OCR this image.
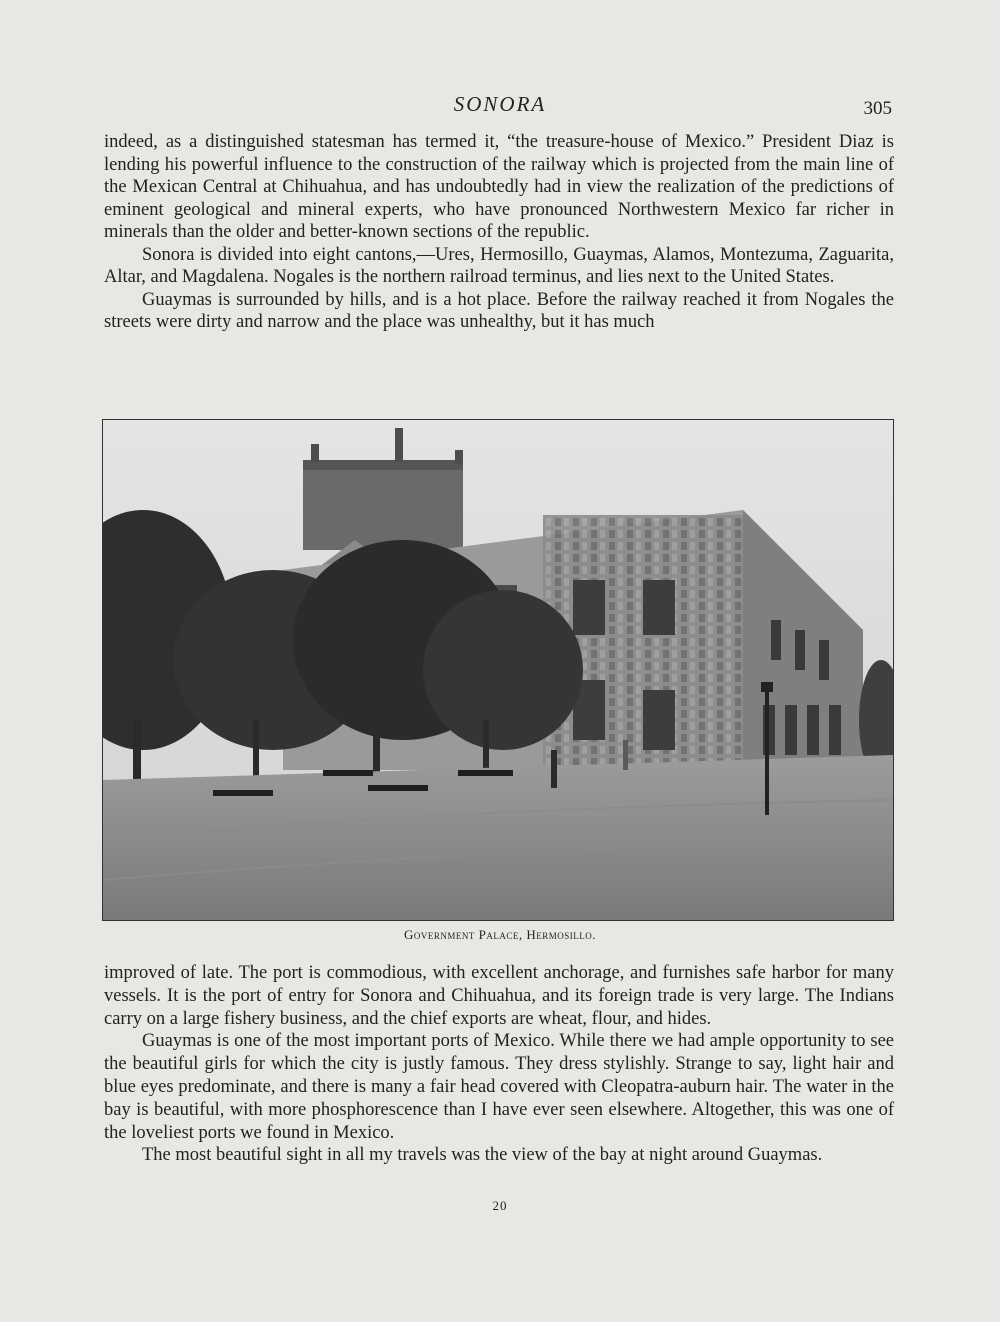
SONORA	305

indeed, as a distinguished statesman has termed it, “the treasure-house of Mexico.” President Diaz is lending his powerful influence to the construction of the railway which is projected from the main line of the Mexican Central at Chihuahua, and has undoubtedly had in view the realization of the predictions of eminent geological and mineral experts, who have pronounced Northwestern Mexico far richer in minerals than the older and better-known sections of the republic.

Sonora is divided into eight cantons,—Ures, Hermosillo, Guaymas, Alamos, Montezuma, Zaguarita, Altar, and Magdalena. Nogales is the northern railroad terminus, and lies next to the United States.

Guaymas is surrounded by hills, and is a hot place. Before the railway reached it from Nogales the streets were dirty and narrow and the place was unhealthy, but it has much

Government Palace, Hermosillo.

improved of late. The port is commodious, with excellent anchorage, and furnishes safe harbor for many vessels. It is the port of entry for Sonora and Chihuahua, and its foreign trade is very large. The Indians carry on a large fishery business, and the chief exports are wheat, flour, and hides.

Guaymas is one of the most important ports of Mexico. While there we had ample opportunity to see the beautiful girls for which the city is justly famous. They dress stylishly. Strange to say, light hair and blue eyes predominate, and there is many a fair head covered with Cleopatra-auburn hair. The water in the bay is beautiful, with more phosphorescence than I have ever seen elsewhere. Altogether, this was one of the loveliest ports we found in Mexico.

The most beautiful sight in all my travels was the view of the bay at night around Guaymas.

20
